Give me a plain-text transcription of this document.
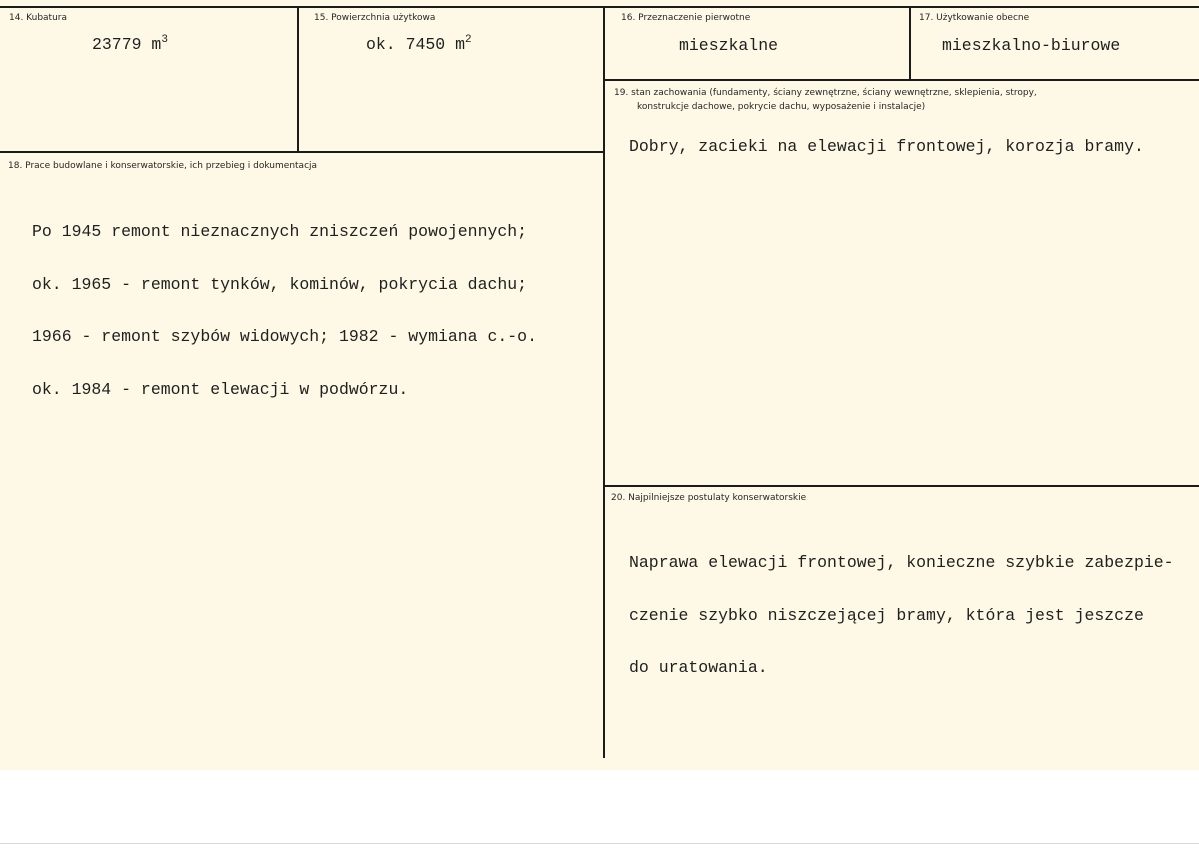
14. Kubatura
23779 $m^3$
15. Powierzchnia użytkowa
ok. 7450 $m^2$
16. Przeznaczenie pierwotne
mieszkalne
17. Użytkowanie obecne
mieszkalno-biurowe
19. stan zachowania (fundamenty, ściany zewnętrzne, ściany wewnętrzne, sklepienia, stropy,
konstrukcje dachowe, pokrycie dachu, wyposażenie i instalacje)
Dobry, zacieki na elewacji frontowej, korozja bramy.
18. Prace budowlane i konserwatorskie, ich przebieg i dokumentacja

Po 1945 remont nieznacznych zniszczeń powojennych;

ok. 1965 - remont tynków, kominów, pokrycia dachu;

1966 - remont szybów widowych; 1982 - wymiana c.-o.

ok. 1984 - remont elewacji w podwórzu.

20. Najpilniejsze postulaty konserwatorskie

Naprawa elewacji frontowej, konieczne szybkie zabezpie-

czenie szybko niszczejącej bramy, która jest jeszcze

do uratowania.
